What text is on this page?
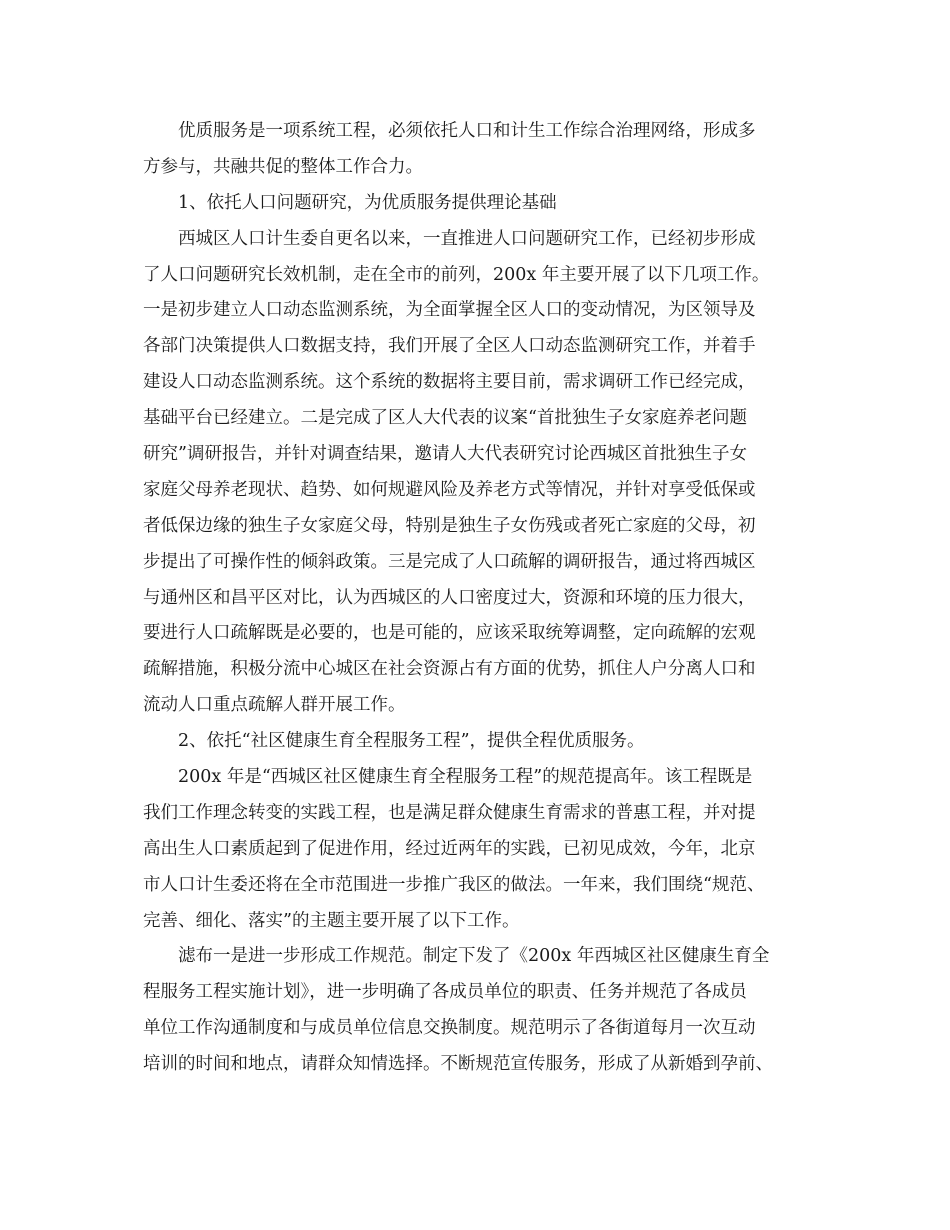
优质服务是一项系统工程，必须依托人口和计生工作综合治理网络，形成多
方参与，共融共促的整体工作合力。
1、依托人口问题研究，为优质服务提供理论基础
西城区人口计生委自更名以来，一直推进人口问题研究工作，已经初步形成
了人口问题研究长效机制，走在全市的前列，200x 年主要开展了以下几项工作。
一是初步建立人口动态监测系统，为全面掌握全区人口的变动情况，为区领导及
各部门决策提供人口数据支持，我们开展了全区人口动态监测研究工作，并着手
建设人口动态监测系统。这个系统的数据将主要目前，需求调研工作已经完成，
基础平台已经建立。二是完成了区人大代表的议案“首批独生子女家庭养老问题
研究”调研报告，并针对调查结果，邀请人大代表研究讨论西城区首批独生子女
家庭父母养老现状、趋势、如何规避风险及养老方式等情况，并针对享受低保或
者低保边缘的独生子女家庭父母，特别是独生子女伤残或者死亡家庭的父母，初
步提出了可操作性的倾斜政策。三是完成了人口疏解的调研报告，通过将西城区
与通州区和昌平区对比，认为西城区的人口密度过大，资源和环境的压力很大，
要进行人口疏解既是必要的，也是可能的，应该采取统筹调整，定向疏解的宏观
疏解措施，积极分流中心城区在社会资源占有方面的优势，抓住人户分离人口和
流动人口重点疏解人群开展工作。
2、依托“社区健康生育全程服务工程”，提供全程优质服务。
200x 年是“西城区社区健康生育全程服务工程”的规范提高年。该工程既是
我们工作理念转变的实践工程，也是满足群众健康生育需求的普惠工程，并对提
高出生人口素质起到了促进作用，经过近两年的实践，已初见成效，今年，北京
市人口计生委还将在全市范围进一步推广我区的做法。一年来，我们围绕“规范、
完善、细化、落实”的主题主要开展了以下工作。
滤布一是进一步形成工作规范。制定下发了《200x 年西城区社区健康生育全
程服务工程实施计划》，进一步明确了各成员单位的职责、任务并规范了各成员
单位工作沟通制度和与成员单位信息交换制度。规范明示了各街道每月一次互动
培训的时间和地点，请群众知情选择。不断规范宣传服务，形成了从新婚到孕前、
